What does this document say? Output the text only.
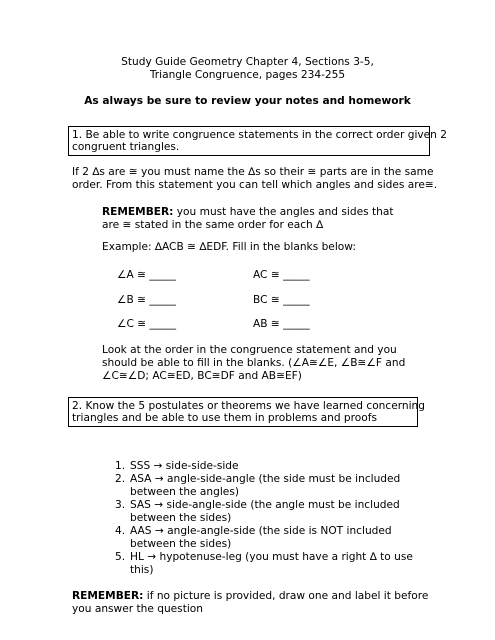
Study Guide Geometry Chapter 4, Sections 3-5,
Triangle Congruence, pages 234-255
As always be sure to review your notes and homework
1. Be able to write congruence statements in the correct order given 2
congruent triangles.
If 2 ∆s are ≅ you must name the ∆s so their ≅ parts are in the same
order. From this statement you can tell which angles and sides are≅.
REMEMBER: you must have the angles and sides that
are ≅ stated in the same order for each ∆
Example: ∆ACB ≅ ∆EDF. Fill in the blanks below:
∠A ≅ _____	AC ≅ _____
∠B ≅ _____	BC ≅ _____
∠C ≅ _____	AB ≅ _____
Look at the order in the congruence statement and you
should be able to fill in the blanks. (∠A≅∠E, ∠B≅∠F and
∠C≅∠D; AC≅ED, BC≅DF and AB≅EF)
2. Know the 5 postulates or theorems we have learned concerning
triangles and be able to use them in problems and proofs
1. SSS → side-side-side
2. ASA → angle-side-angle (the side must be included
between the angles)
3. SAS → side-angle-side (the angle must be included
between the sides)
4. AAS → angle-angle-side (the side is NOT included
between the sides)
5. HL → hypotenuse-leg (you must have a right ∆ to use
this)
REMEMBER: if no picture is provided, draw one and label it before
you answer the question
